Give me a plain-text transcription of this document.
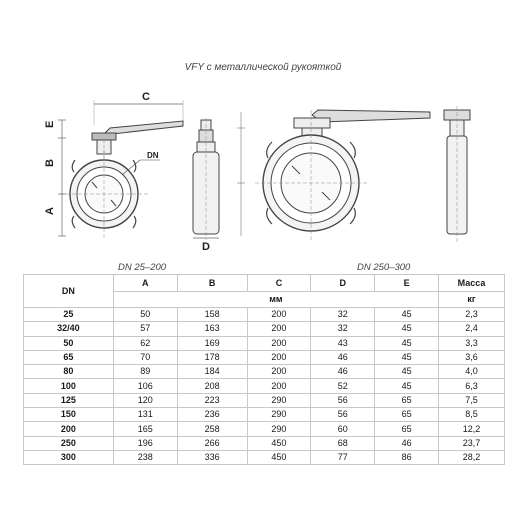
VFY с металлической рукояткой
C
E
B
A
D
DN
DN 25–200	DN 250–300
DN	A	B	C	D	E	Масса
	мм					кг
25	50	158	200	32	45	2,3
32/40	57	163	200	32	45	2,4
50	62	169	200	43	45	3,3
65	70	178	200	46	45	3,6
80	89	184	200	46	45	4,0
100	106	208	200	52	45	6,3
125	120	223	290	56	65	7,5
150	131	236	290	56	65	8,5
200	165	258	290	60	65	12,2
250	196	266	450	68	46	23,7
300	238	336	450	77	86	28,2
